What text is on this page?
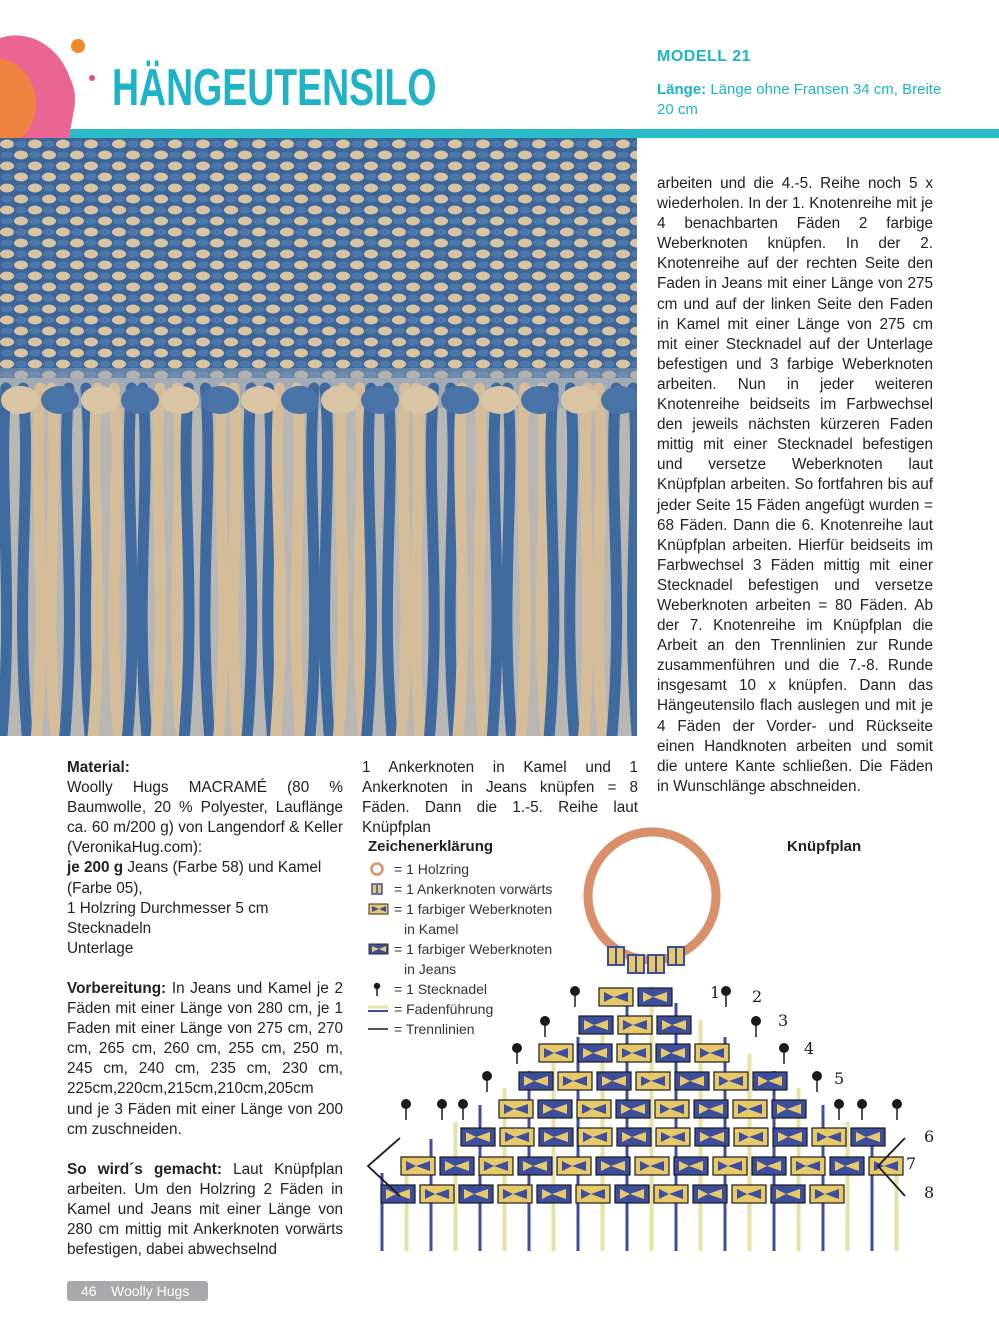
HÄNGEUTENSILO
MODELL 21
Länge: Länge ohne Fransen 34 cm, Breite 20 cm
arbeiten und die 4.-5. Reihe noch 5 x wiederholen. In der 1. Knotenreihe mit je 4 benachbarten Fäden 2 farbige Weberknoten knüpfen. In der 2. Knotenreihe auf der rechten Seite den Faden in Jeans mit einer Länge von 275 cm und auf der linken Seite den Faden in Kamel mit einer Länge von 275 cm mit einer Stecknadel auf der Unterlage befestigen und 3 farbige Weberknoten arbeiten. Nun in jeder weiteren Knotenreihe beidseits im Farbwechsel den jeweils nächsten kürzeren Faden mittig mit einer Stecknadel befestigen und versetze Weberknoten laut Knüpfplan arbeiten. So fortfahren bis auf jeder Seite 15 Fäden angefügt wurden = 68 Fäden. Dann die 6. Knotenreihe laut Knüpfplan arbeiten. Hierfür beidseits im Farbwechsel 3 Fäden mittig mit einer Stecknadel befestigen und versetze Weberknoten arbeiten = 80 Fäden. Ab der 7. Knotenreihe im Knüpfplan die Arbeit an den Trennlinien zur Runde zusammenführen und die 7.-8. Runde insgesamt 10 x knüpfen. Dann das Hängeutensilo flach auslegen und mit je 4 Fäden der Vorder- und Rückseite einen Handknoten arbeiten und somit die untere Kante schließen. Die Fäden in Wunschlänge abschneiden.
Material:
Woolly Hugs MACRAMÉ (80 % Baumwolle, 20 % Polyester, Lauflänge ca. 60 m/200 g) von Langendorf & Keller (VeronikaHug.com):
je 200 g Jeans (Farbe 58) und Kamel (Farbe 05),
1 Holzring Durchmesser 5 cm
Stecknadeln
Unterlage
Vorbereitung: In Jeans und Kamel je 2 Fäden mit einer Länge von 280 cm, je 1 Faden mit einer Länge von 275 cm, 270 cm, 265 cm, 260 cm, 255 cm, 250 m, 245 cm, 240 cm, 235 cm, 230 cm, 225cm,220cm,215cm,210cm,205cm und je 3 Fäden mit einer Länge von 200 cm zuschneiden.
So wird´s gemacht: Laut Knüpfplan arbeiten. Um den Holzring 2 Fäden in Kamel und Jeans mit einer Länge von 280 cm mittig mit Ankerknoten vorwärts befestigen, dabei abwechselnd
1 Ankerknoten in Kamel und 1 Ankerknoten in Jeans knüpfen = 8 Fäden. Dann die 1.-5. Reihe laut Knüpfplan
Zeichenerklärung
= 1 Holzring
= 1 Ankerknoten vorwärts
= 1 farbiger Weberknoten
in Kamel
= 1 farbiger Weberknoten
in Jeans
= 1 Stecknadel
= Fadenführung
= Trennlinien
Knüpfplan
1 2
3
4
5
6
7
8
46	Woolly Hugs
